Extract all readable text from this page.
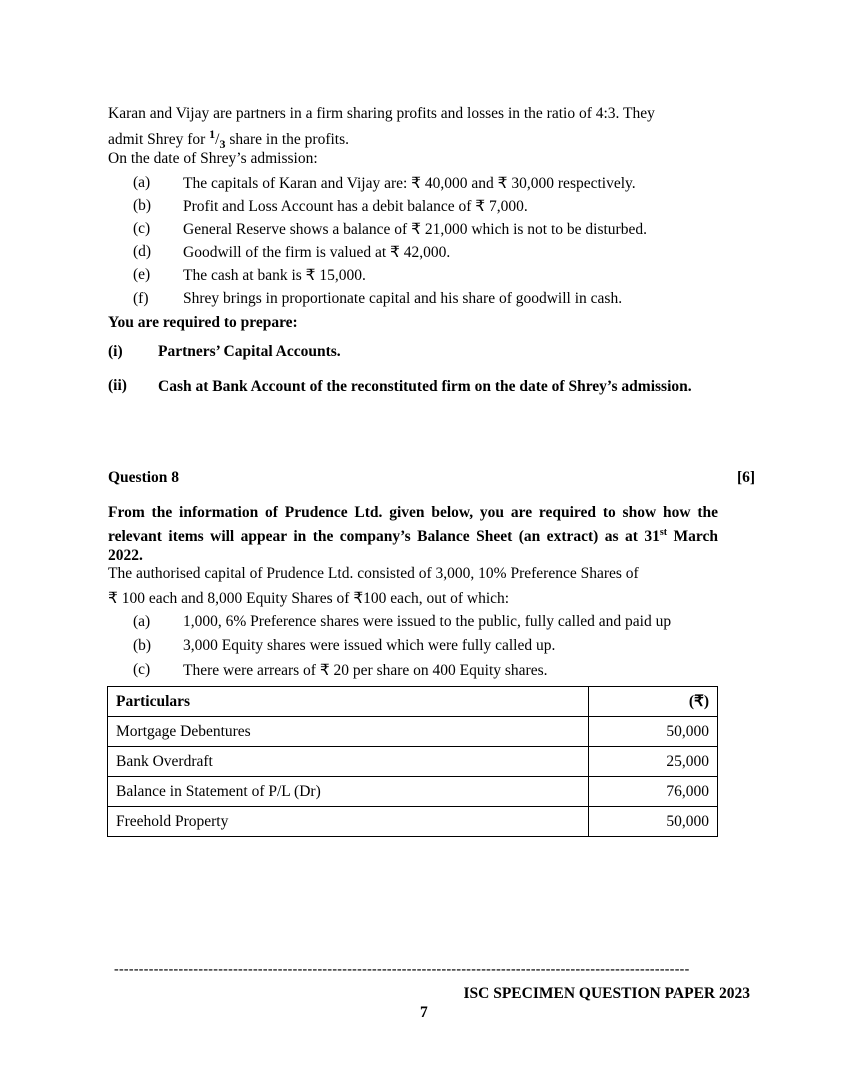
Karan and Vijay are partners in a firm sharing profits and losses in the ratio of 4:3. They
admit Shrey for $^1/_3$ share in the profits.
On the date of Shrey’s admission:
(a) The capitals of Karan and Vijay are: ₹ 40,000 and ₹ 30,000 respectively.
(b) Profit and Loss Account has a debit balance of ₹ 7,000.
(c) General Reserve shows a balance of ₹ 21,000 which is not to be disturbed.
(d) Goodwill of the firm is valued at ₹ 42,000.
(e) The cash at bank is ₹ 15,000.
(f) Shrey brings in proportionate capital and his share of goodwill in cash.
You are required to prepare:
(i) Partners’ Capital Accounts.
(ii) Cash at Bank Account of the reconstituted firm on the date of Shrey’s admission.
Question 8	[6]
From the information of Prudence Ltd. given below, you are required to show how the relevant items will appear in the company’s Balance Sheet (an extract) as at 31st March 2022.
The authorised capital of Prudence Ltd. consisted of 3,000, 10% Preference Shares of
₹ 100 each and 8,000 Equity Shares of ₹100 each, out of which:
(a) 1,000, 6% Preference shares were issued to the public, fully called and paid up
(b) 3,000 Equity shares were issued which were fully called up.
(c) There were arrears of ₹ 20 per share on 400 Equity shares.
Particulars	(₹)
Mortgage Debentures	50,000
Bank Overdraft	25,000
Balance in Statement of P/L (Dr)	76,000
Freehold Property	50,000
--------------------------------------------------------------------------------------------------------------------
ISC SPECIMEN QUESTION PAPER 2023
7
